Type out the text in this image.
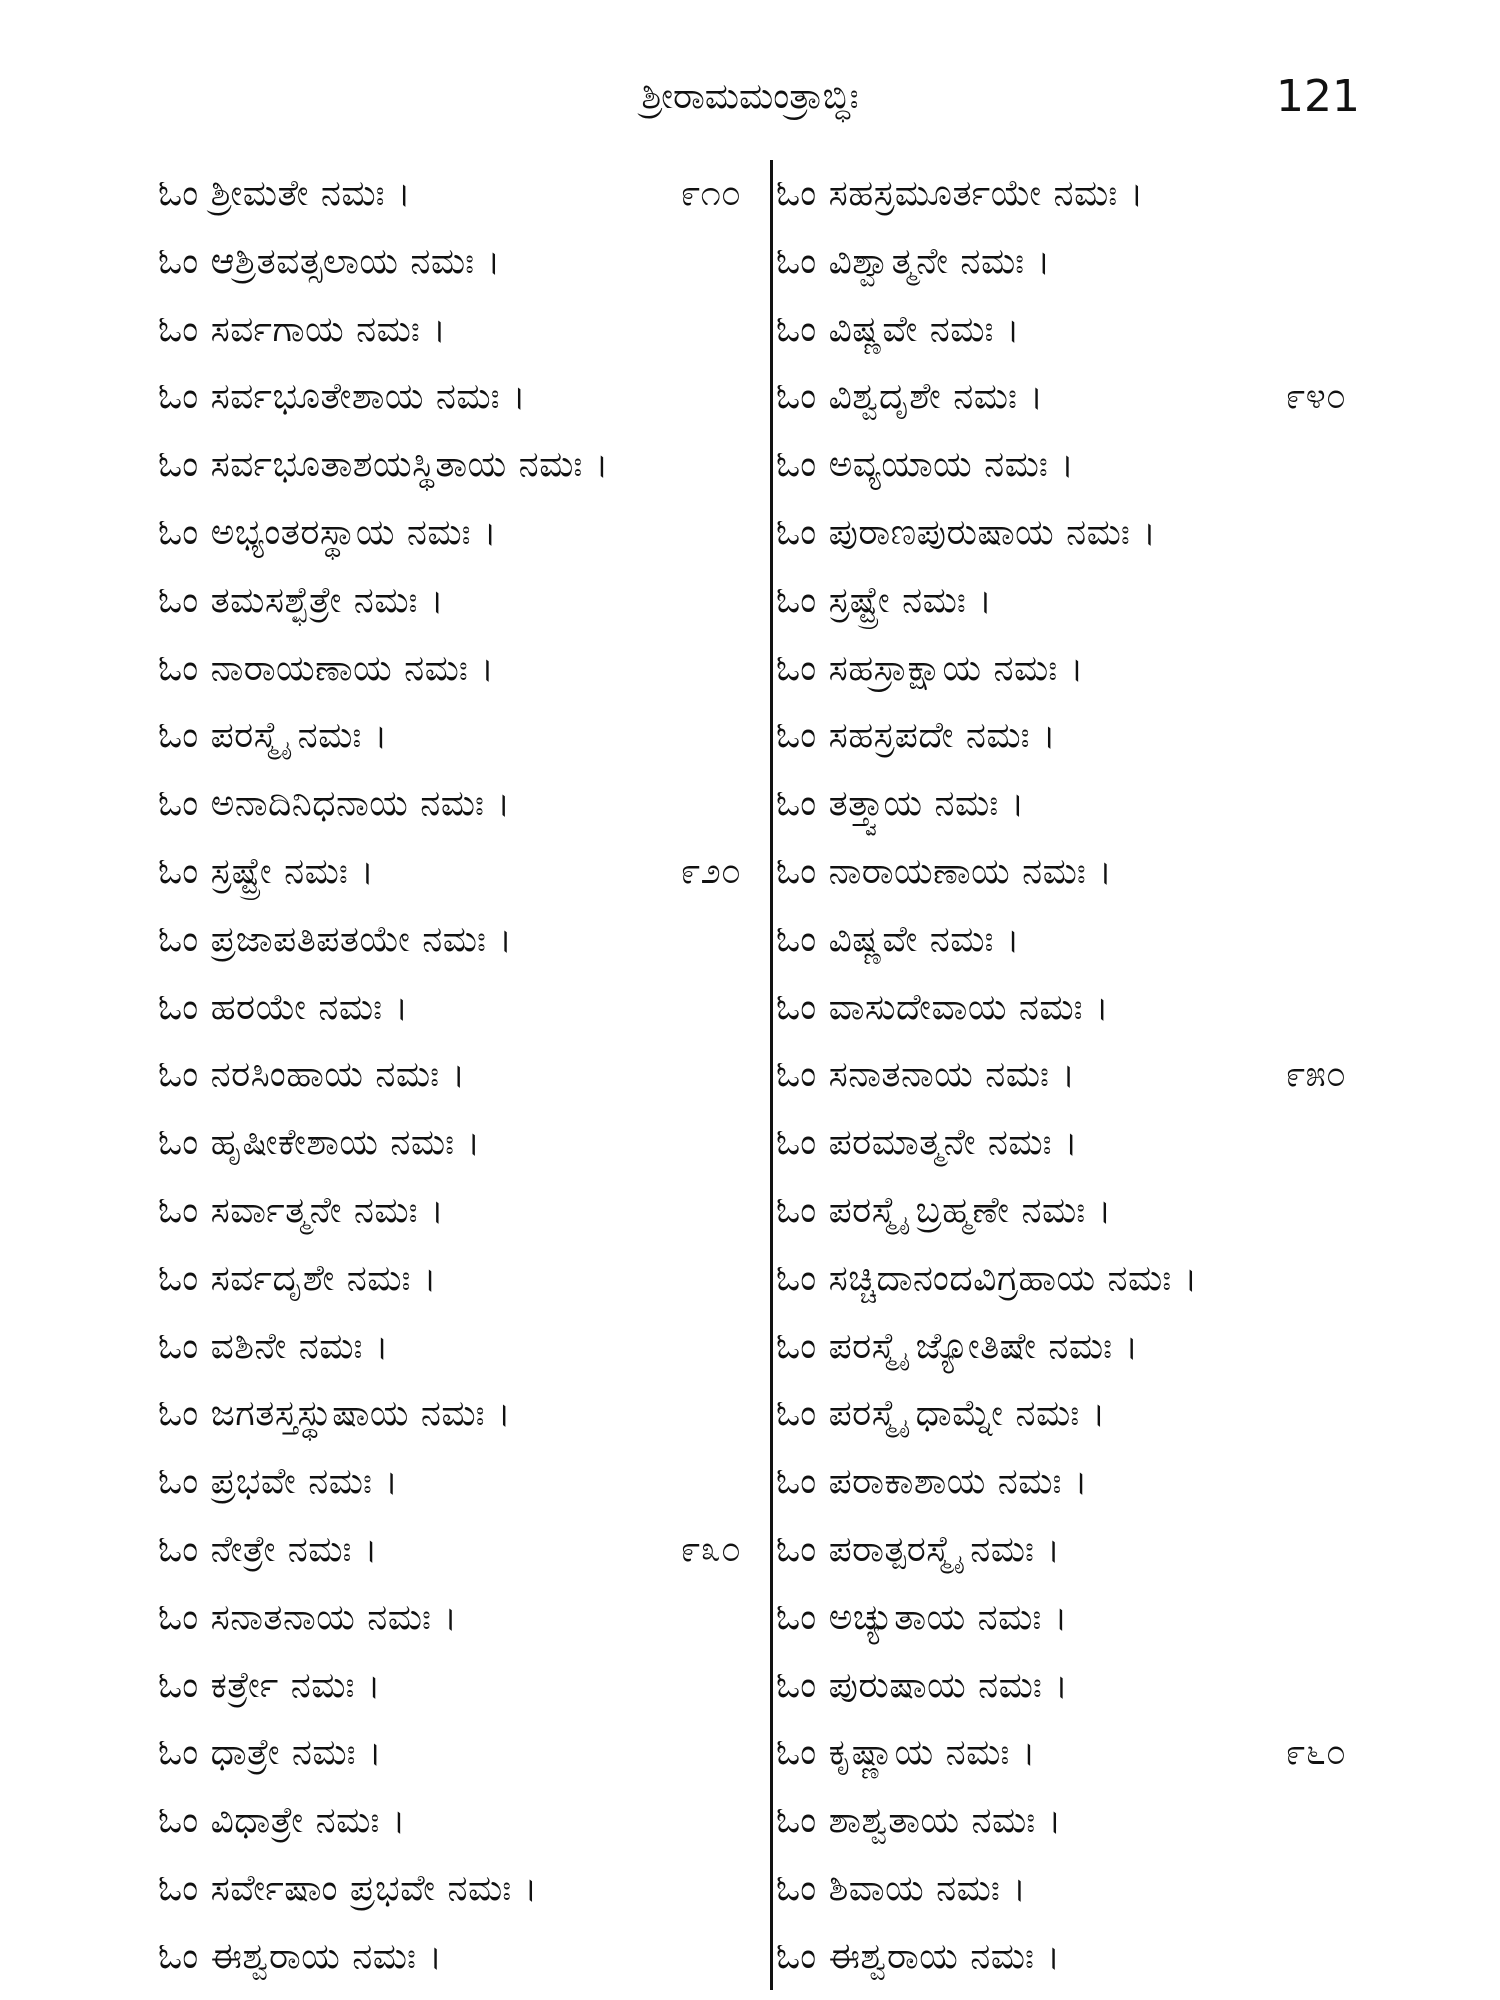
ಶ್ರೀರಾಮಮಂತ್ರಾಬ್ಧಿಃ	121
ಓಂ ಶ್ರೀಮತೇ ನಮಃ ।	೯೧೦
ಓಂ ಆಶ್ರಿತವತ್ಸಲಾಯ ನಮಃ ।
ಓಂ ಸರ್ವಗಾಯ ನಮಃ ।
ಓಂ ಸರ್ವಭೂತೇಶಾಯ ನಮಃ ।
ಓಂ ಸರ್ವಭೂತಾಶಯಸ್ಥಿತಾಯ ನಮಃ ।
ಓಂ ಅಭ್ಯಂತರಸ್ಥಾಯ ನಮಃ ।
ಓಂ ತಮಸಶ್ಛೆತ್ರೇ ನಮಃ ।
ಓಂ ನಾರಾಯಣಾಯ ನಮಃ ।
ಓಂ ಪರಸ್ಮೈ ನಮಃ ।
ಓಂ ಅನಾದಿನಿಧನಾಯ ನಮಃ ।
ಓಂ ಸ್ರಷ್ಟ್ರೇ ನಮಃ ।	೯೨೦
ಓಂ ಪ್ರಜಾಪತಿಪತಯೇ ನಮಃ ।
ಓಂ ಹರಯೇ ನಮಃ ।
ಓಂ ನರಸಿಂಹಾಯ ನಮಃ ।
ಓಂ ಹೃಷೀಕೇಶಾಯ ನಮಃ ।
ಓಂ ಸರ್ವಾತ್ಮನೇ ನಮಃ ।
ಓಂ ಸರ್ವದೃಶೇ ನಮಃ ।
ಓಂ ವಶಿನೇ ನಮಃ ।
ಓಂ ಜಗತಸ್ತಸ್ಥುಷಾಯ ನಮಃ ।
ಓಂ ಪ್ರಭವೇ ನಮಃ ।
ಓಂ ನೇತ್ರೇ ನಮಃ ।	೯೩೦
ಓಂ ಸನಾತನಾಯ ನಮಃ ।
ಓಂ ಕರ್ತ್ರೇ ನಮಃ ।
ಓಂ ಧಾತ್ರೇ ನಮಃ ।
ಓಂ ವಿಧಾತ್ರೇ ನಮಃ ।
ಓಂ ಸರ್ವೇಷಾಂ ಪ್ರಭವೇ ನಮಃ ।
ಓಂ ಈಶ್ವರಾಯ ನಮಃ ।
ಓಂ ಸಹಸ್ರಮೂರ್ತಯೇ ನಮಃ ।
ಓಂ ವಿಶ್ವಾತ್ಮನೇ ನಮಃ ।
ಓಂ ವಿಷ್ಣವೇ ನಮಃ ।
ಓಂ ವಿಶ್ವದೃಶೇ ನಮಃ ।	೯೪೦
ಓಂ ಅವ್ಯಯಾಯ ನಮಃ ।
ಓಂ ಪುರಾಣಪುರುಷಾಯ ನಮಃ ।
ಓಂ ಸ್ರಷ್ಟ್ರೇ ನಮಃ ।
ಓಂ ಸಹಸ್ರಾಕ್ಷಾಯ ನಮಃ ।
ಓಂ ಸಹಸ್ರಪದೇ ನಮಃ ।
ಓಂ ತತ್ತ್ವಾಯ ನಮಃ ।
ಓಂ ನಾರಾಯಣಾಯ ನಮಃ ।
ಓಂ ವಿಷ್ಣವೇ ನಮಃ ।
ಓಂ ವಾಸುದೇವಾಯ ನಮಃ ।
ಓಂ ಸನಾತನಾಯ ನಮಃ ।	೯೫೦
ಓಂ ಪರಮಾತ್ಮನೇ ನಮಃ ।
ಓಂ ಪರಸ್ಮೈ ಬ್ರಹ್ಮಣೇ ನಮಃ ।
ಓಂ ಸಚ್ಚಿದಾನಂದವಿಗ್ರಹಾಯ ನಮಃ ।
ಓಂ ಪರಸ್ಮೈ ಜ್ಯೋತಿಷೇ ನಮಃ ।
ಓಂ ಪರಸ್ಮೈ ಧಾಮ್ನೇ ನಮಃ ।
ಓಂ ಪರಾಕಾಶಾಯ ನಮಃ ।
ಓಂ ಪರಾತ್ಪರಸ್ಮೈ ನಮಃ ।
ಓಂ ಅಚ್ಯುತಾಯ ನಮಃ ।
ಓಂ ಪುರುಷಾಯ ನಮಃ ।
ಓಂ ಕೃಷ್ಣಾಯ ನಮಃ ।	೯೬೦
ಓಂ ಶಾಶ್ವತಾಯ ನಮಃ ।
ಓಂ ಶಿವಾಯ ನಮಃ ।
ಓಂ ಈಶ್ವರಾಯ ನಮಃ ।
